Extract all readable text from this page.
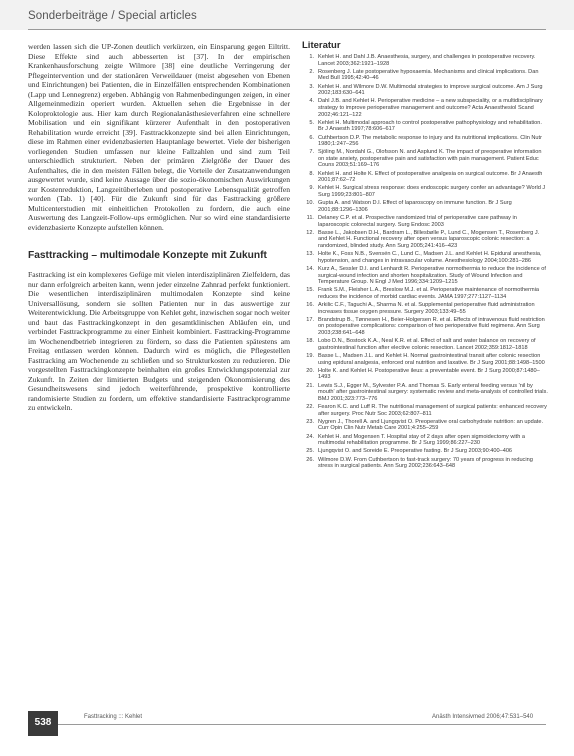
Sonderbeiträge / Special articles

werden lassen sich die UP-Zonen deutlich verkürzen, ein Einsparung gegen Eiltritt. Diese Effekte sind auch abbesserten ist [37]. In der empirischen Krankenhausforschung zeigte Wilmore [38] eine deutliche Verringerung der Pflegeintervention und der stationären Verweildauer (meist abgesehen von Ebenen und Einrichtungen) bei Patienten, die in Einzelfällen entsprechenden Kombinationen (Lapp und Lennegrenz) ergeben. Abhängig von Rahmenbedingungen zeigen, in einer Allgemeinmedizin operiert wurden. Aktuellen sehen die Ergebnisse in der Koloproktologie aus. Hier kam durch Regionalanästhesieverfahren eine schnellere Mobilisation und ein signifikant kürzerer Aufenthalt in den postoperativen Rehabilitation wurde erreicht [39]. Fasttrackkonzepte sind bei allen Einrichtungen, diese im Rahmen einer evidenzbasierten Hauptanlage bewertet. Viele der bisherigen vorliegenden Studien umfassen nur kleine Fallzahlen und sind zum Teil unterschiedlich strukturiert. Neben der primären Zielgröße der Dauer des Aufenthaltes, die in den meisten Fällen belegt, die Vorteile der Zusatzanwendungen ausgewertet wurde, sind keine Aussage über die sozio-ökonomischen Auswirkungen zur Kostenreduktion, Langzeitüberleben und postoperative Lebensqualität getroffen worden (Tab. 1) [40]. Für die Zukunft sind für das Fasttracking größere Multicenterstudien mit einheitlichen Protokollen zu fordern, die auch eine Auswertung des Langzeit-Follow-ups ermöglichen. Nur so wird eine standardisierte evidenzbasierte Konzepte aufstellen können.

Fasttracking – multimodale Konzepte mit Zukunft

Fasttracking ist ein komplexeres Gefüge mit vielen interdisziplinären Zielfeldern, das nur dann erfolgreich arbeiten kann, wenn jeder einzelne Zahnrad perfekt funktioniert. Die wesentlichen interdisziplinären multimodalen Konzepte sind keine Universallösung, sondern sie sollten Patienten nur in das auswertige zur Weiterentwicklung. Die Arbeitsgruppe von Kehlet geht, inzwischen sogar noch weiter und baut das Fasttrackingkonzept in den gesamtklinischen Abläufen ein, und verbindet Fasttrackprogramme zu einer Einheit kombiniert. Fasttracking-Programme im Wochenendbetrieb integrieren zu fördern, so dass die Patienten spätestens am Freitag entlassen werden können. Dadurch wird es möglich, die Pflegestellen Fasttracking am Wochenende zu schließen und so Strukturkosten zu reduzieren. Die vorgestellten Fasttrackingkonzepte beinhalten ein großes Entwicklungspotenzial zur Zukunft. In Zeiten der limitierten Budgets und steigenden Ökonomisierung des Gesundheitswesens sind jedoch weiterführende, prospektive kontrollierte randomisierte Studien zu fordern, um effektive standardisierte Fasttrackprogramme zu entwickeln.

Literatur
1. Kehlet H. and Dahl J.B. Anaesthesia, surgery, and challenges in postoperative recovery. Lancet 2003;362:1921–1928
2. Rosenberg J. Late postoperative hypoxaemia. Mechanisms and clinical implications. Dan Med Bull 1995;42:40–46
3. Kehlet H. and Wilmore D.W. Multimodal strategies to improve surgical outcome. Am J Surg 2002;183:630–641
4. Dahl J.B. and Kehlet H. Perioperative medicine – a new subspeciality, or a multidisciplinary strategy to improve perioperative management and outcome? Acta Anaesthesiol Scand 2002;46:121–122
5. Kehlet H. Multimodal approach to control postoperative pathophysiology and rehabilitation. Br J Anaesth 1997;78:606–617
6. Cuthbertson D.P. The metabolic response to injury and its nutritional implications. Clin Nutr 1980;1:247–256
7. Sjöling M., Nordahl G., Olofsson N. and Asplund K. The impact of preoperative information on state anxiety, postoperative pain and satisfaction with pain management. Patient Educ Couns 2003;51:169–176
8. Kehlet H. and Holte K. Effect of postoperative analgesia on surgical outcome. Br J Anaesth 2001;87:62–72
9. Kehlet H. Surgical stress response: does endoscopic surgery confer an advantage? World J Surg 1999;23:801–807
10. Gupta A. and Watson D.I. Effect of laparoscopy on immune function. Br J Surg 2001;88:1296–1306
11. Delaney C.P. et al. Prospective randomized trial of perioperative care pathway in laparoscopic colorectal surgery. Surg Endosc 2003
12. Basse L., Jakobsen D.H., Bardram L., Billesbølle P., Lund C., Mogensen T., Rosenberg J. and Kehlet H. Functional recovery after open versus laparoscopic colonic resection: a randomized, blinded study. Ann Surg 2005;241:416–423
13. Holte K., Foss N.B., Svensén C., Lund C., Madsen J.L. and Kehlet H. Epidural anesthesia, hypotension, and changes in intravascular volume. Anesthesiology 2004;100:281–286
14. Kurz A., Sessler D.I. and Lenhardt R. Perioperative normothermia to reduce the incidence of surgical-wound infection and shorten hospitalization. Study of Wound Infection and Temperature Group. N Engl J Med 1996;334:1209–1215
15. Frank S.M., Fleisher L.A., Breslow M.J. et al. Perioperative maintenance of normothermia reduces the incidence of morbid cardiac events. JAMA 1997;277:1127–1134
16. Arkilic C.F., Taguchi A., Sharma N. et al. Supplemental perioperative fluid administration increases tissue oxygen pressure. Surgery 2003;133:49–55
17. Brandstrup B., Tønnesen H., Beier-Holgersen R. et al. Effects of intravenous fluid restriction on postoperative complications: comparison of two perioperative fluid regimens. Ann Surg 2003;238:641–648
18. Lobo D.N., Bostock K.A., Neal K.R. et al. Effect of salt and water balance on recovery of gastrointestinal function after elective colonic resection. Lancet 2002;359:1812–1818
19. Basse L., Madsen J.L. and Kehlet H. Normal gastrointestinal transit after colonic resection using epidural analgesia, enforced oral nutrition and laxative. Br J Surg 2001;88:1498–1500
20. Holte K. and Kehlet H. Postoperative ileus: a preventable event. Br J Surg 2000;87:1480–1493
21. Lewis S.J., Egger M., Sylvester P.A. and Thomas S. Early enteral feeding versus 'nil by mouth' after gastrointestinal surgery: systematic review and meta-analysis of controlled trials. BMJ 2001;323:773–776
22. Fearon K.C. and Luff R. The nutritional management of surgical patients: enhanced recovery after surgery. Proc Nutr Soc 2003;62:807–811
23. Nygren J., Thorell A. and Ljungqvist O. Preoperative oral carbohydrate nutrition: an update. Curr Opin Clin Nutr Metab Care 2001;4:255–259
24. Kehlet H. and Mogensen T. Hospital stay of 2 days after open sigmoidectomy with a multimodal rehabilitation programme. Br J Surg 1999;86:227–230
25. Ljungqvist O. and Soreide E. Preoperative fasting. Br J Surg 2003;90:400–406
26. Wilmore D.W. From Cuthbertson to fast-track surgery: 70 years of progress in reducing stress in surgical patients. Ann Surg 2002;236:643–648
538	Fasttracking ::: Kehlet	Anästh Intensivmed 2006;47:531–540
